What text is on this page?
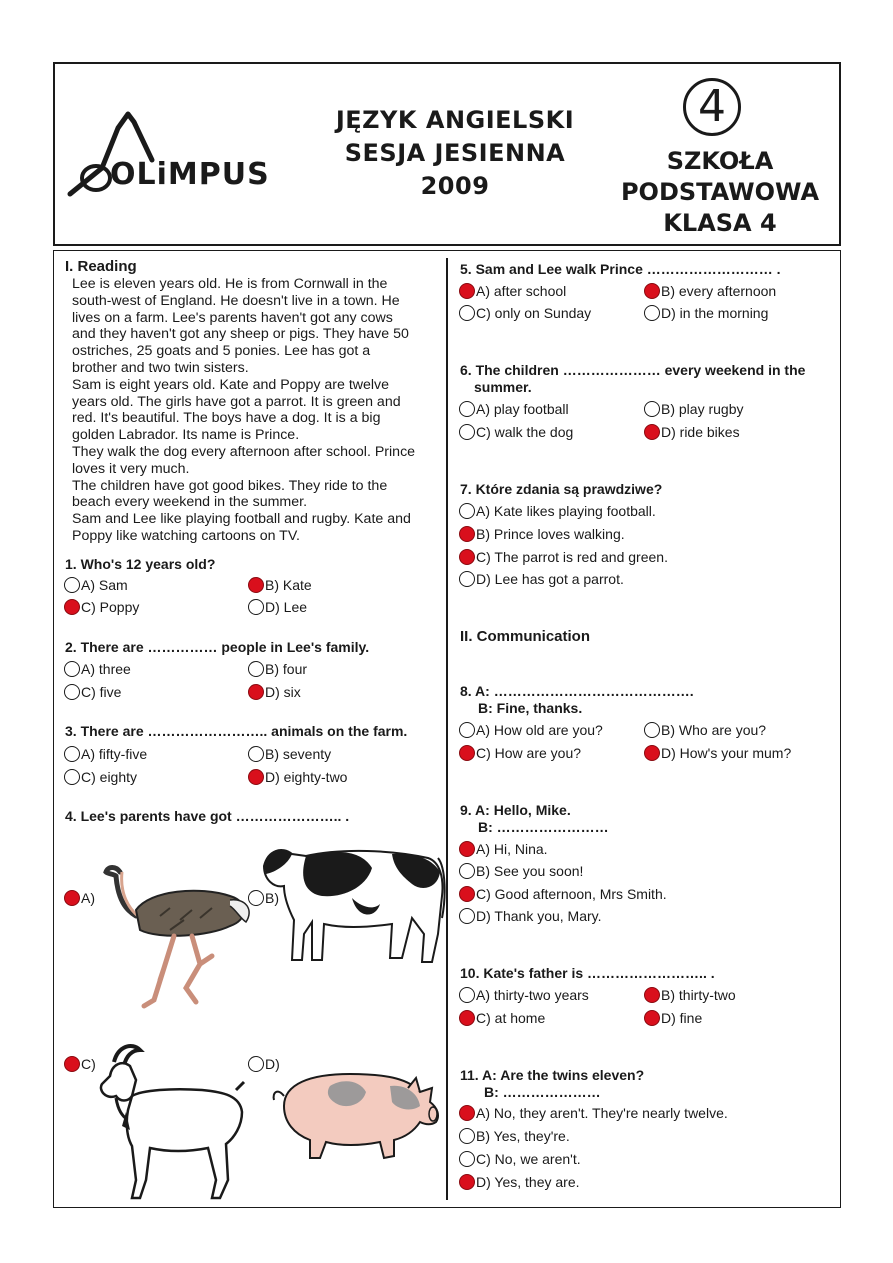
OLiMPUS
JĘZYK ANGIELSKI
SESJA JESIENNA
2009
4
SZKOŁA
PODSTAWOWA
KLASA 4
I. Reading
Lee is eleven years old. He is from Cornwall in the
south-west of England. He doesn't live in a town. He
lives on a farm. Lee's parents haven't got any cows
and they haven't got any sheep or pigs. They have 50
ostriches, 25 goats and 5 ponies. Lee has got a
brother and two twin sisters.
Sam is eight years old. Kate and Poppy are twelve
years old. The girls have got a parrot. It is green and
red. It's beautiful. The boys have a dog. It is a big
golden Labrador. Its name is Prince.
They walk the dog every afternoon after school. Prince
loves it very much.
The children have got good bikes. They ride to the
beach every weekend in the summer.
Sam and Lee like playing football and rugby. Kate and
Poppy like watching cartoons on TV.
1. Who's 12 years old?
A) Sam	B) Kate
C) Poppy	D) Lee
2. There are …………… people in Lee's family.
A) three	B) four
C) five	D) six
3. There are …………………….. animals on the farm.
A) fifty-five	B) seventy
C) eighty	D) eighty-two
4. Lee's parents have got ………………….. .
A)	B)
C)	D)
5. Sam and Lee walk Prince ……………………… .
A) after school	B) every afternoon
C) only on Sunday	D) in the morning
6. The children ………………… every weekend in the
summer.
A) play football	B) play rugby
C) walk the dog	D) ride bikes
7. Które zdania są prawdziwe?
A) Kate likes playing football.
B) Prince loves walking.
C) The parrot is red and green.
D) Lee has got a parrot.
II. Communication
8. A: …………………………………….
B: Fine, thanks.
A) How old are you?	B) Who are you?
C) How are you?	D) How's your mum?
9. A: Hello, Mike.
B: ……………………
A) Hi, Nina.
B) See you soon!
C) Good afternoon, Mrs Smith.
D) Thank you, Mary.
10. Kate's father is …………………….. .
A) thirty-two years	B) thirty-two
C) at home	D) fine
11. A: Are the twins eleven?
B: …………………
A) No, they aren't. They're nearly twelve.
B) Yes, they're.
C) No, we aren't.
D) Yes, they are.
